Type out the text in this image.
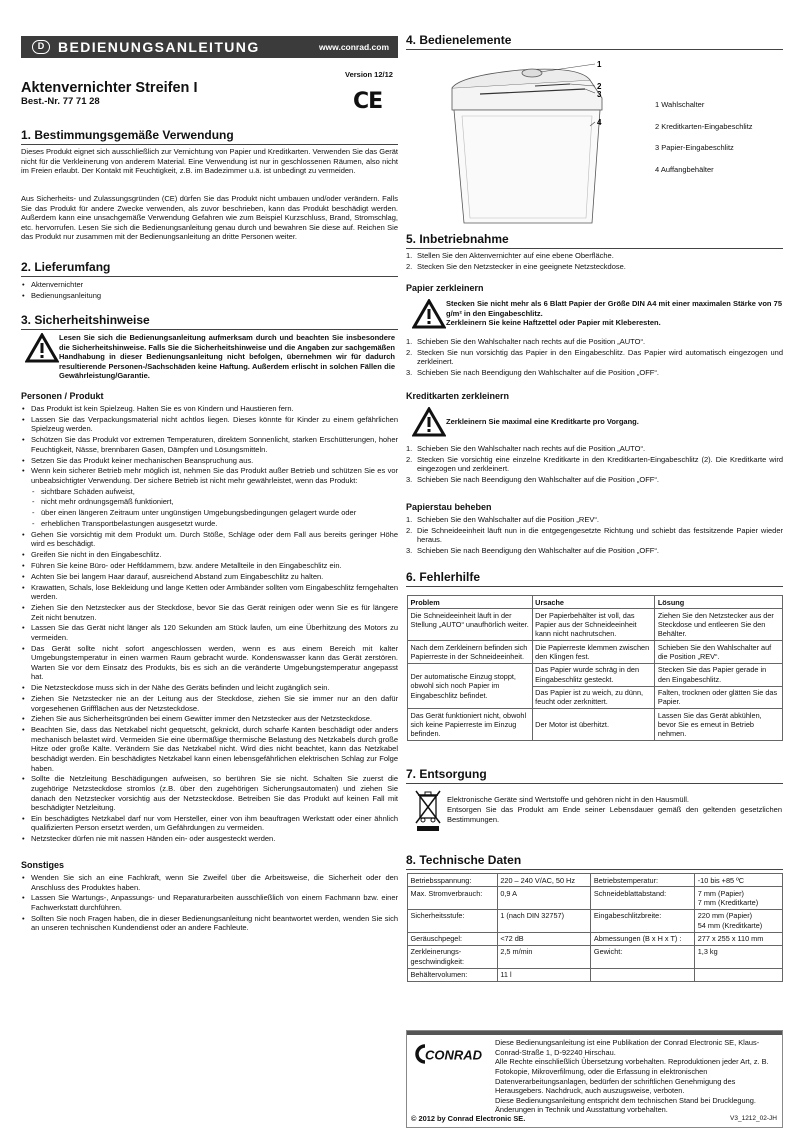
D BEDIENUNGSANLEITUNG	www.conrad.com
Version 12/12
Aktenvernichter Streifen I
Best.-Nr. 77 71 28	CE
1. Bestimmungsgemäße Verwendung
Dieses Produkt eignet sich ausschließlich zur Vernichtung von Papier und Kreditkarten. Verwenden Sie das Gerät nicht für die Verkleinerung von anderem Material. Eine Verwendung ist nur in geschlossenen Räumen, also nicht im Freien erlaubt. Der Kontakt mit Feuchtigkeit, z.B. im Badezimmer u.ä. ist unbedingt zu vermeiden.
Aus Sicherheits- und Zulassungsgründen (CE) dürfen Sie das Produkt nicht umbauen und/oder verändern. Falls Sie das Produkt für andere Zwecke verwenden, als zuvor beschrieben, kann das Produkt beschädigt werden. Außerdem kann eine unsachgemäße Verwendung Gefahren wie zum Beispiel Kurzschluss, Brand, Stromschlag, etc. hervorrufen. Lesen Sie sich die Bedienungsanleitung genau durch und bewahren Sie diese auf. Reichen Sie das Produkt nur zusammen mit der Bedienungsanleitung an dritte Personen weiter.
2. Lieferumfang
• Aktenvernichter
• Bedienungsanleitung
3. Sicherheitshinweise
Lesen Sie sich die Bedienungsanleitung aufmerksam durch und beachten Sie insbesondere die Sicherheitshinweise. Falls Sie die Sicherheitshinweise und die Angaben zur sachgemäßen Handhabung in dieser Bedienungsanleitung nicht befolgen, übernehmen wir für dadurch resultierende Personen-/Sachschäden keine Haftung. Außerdem erlischt in solchen Fällen die Gewährleistung/Garantie.
Personen / Produkt
• Das Produkt ist kein Spielzeug. Halten Sie es von Kindern und Haustieren fern.
• Lassen Sie das Verpackungsmaterial nicht achtlos liegen. Dieses könnte für Kinder zu einem gefährlichen Spielzeug werden.
• Schützen Sie das Produkt vor extremen Temperaturen, direktem Sonnenlicht, starken Erschütterungen, hoher Feuchtigkeit, Nässe, brennbaren Gasen, Dämpfen und Lösungsmitteln.
• Setzen Sie das Produkt keiner mechanischen Beanspruchung aus.
• Wenn kein sicherer Betrieb mehr möglich ist, nehmen Sie das Produkt außer Betrieb und schützen Sie es vor unbeabsichtigter Verwendung. Der sichere Betrieb ist nicht mehr gewährleistet, wenn das Produkt:
- sichtbare Schäden aufweist,
- nicht mehr ordnungsgemäß funktioniert,
- über einen längeren Zeitraum unter ungünstigen Umgebungsbedingungen gelagert wurde oder
- erheblichen Transportbelastungen ausgesetzt wurde.
• Gehen Sie vorsichtig mit dem Produkt um. Durch Stöße, Schläge oder dem Fall aus bereits geringer Höhe wird es beschädigt.
• Greifen Sie nicht in den Eingabeschlitz.
• Führen Sie keine Büro- oder Heftklammern, bzw. andere Metallteile in den Eingabeschlitz ein.
• Achten Sie bei langem Haar darauf, ausreichend Abstand zum Eingabeschlitz zu halten.
• Krawatten, Schals, lose Bekleidung und lange Ketten oder Armbänder sollten vom Eingabeschlitz ferngehalten werden.
• Ziehen Sie den Netzstecker aus der Steckdose, bevor Sie das Gerät reinigen oder wenn Sie es für längere Zeit nicht benutzen.
• Lassen Sie das Gerät nicht länger als 120 Sekunden am Stück laufen, um eine Überhitzung des Motors zu vermeiden.
• Das Gerät sollte nicht sofort angeschlossen werden, wenn es aus einem Bereich mit kalter Umgebungstemperatur in einen warmen Raum gebracht wurde. Kondenswasser kann das Gerät zerstören. Warten Sie vor dem Einsatz des Produkts, bis es sich an die veränderte Umgebungstemperatur angepasst hat.
• Die Netzsteckdose muss sich in der Nähe des Geräts befinden und leicht zugänglich sein.
• Ziehen Sie Netzstecker nie an der Leitung aus der Steckdose, ziehen Sie sie immer nur an den dafür vorgesehenen Griffflächen aus der Netzsteckdose.
• Ziehen Sie aus Sicherheitsgründen bei einem Gewitter immer den Netzstecker aus der Netzsteckdose.
• Beachten Sie, dass das Netzkabel nicht gequetscht, geknickt, durch scharfe Kanten beschädigt oder anders mechanisch belastet wird. Vermeiden Sie eine übermäßige thermische Belastung des Netzkabels durch große Hitze oder große Kälte. Verändern Sie das Netzkabel nicht. Wird dies nicht beachtet, kann das Netzkabel beschädigt werden. Ein beschädigtes Netzkabel kann einen lebensgefährlichen elektrischen Schlag zur Folge haben.
• Sollte die Netzleitung Beschädigungen aufweisen, so berühren Sie sie nicht. Schalten Sie zuerst die zugehörige Netzsteckdose stromlos (z.B. über den zugehörigen Sicherungsautomaten) und ziehen Sie danach den Netzstecker vorsichtig aus der Netzsteckdose. Betreiben Sie das Produkt auf keinen Fall mit beschädigter Netzleitung.
• Ein beschädigtes Netzkabel darf nur vom Hersteller, einer von ihm beauftragen Werkstatt oder einer ähnlich qualifizierten Person ersetzt werden, um Gefährdungen zu vermeiden.
• Netzstecker dürfen nie mit nassen Händen ein- oder ausgesteckt werden.
Sonstiges
• Wenden Sie sich an eine Fachkraft, wenn Sie Zweifel über die Arbeitsweise, die Sicherheit oder den Anschluss des Produktes haben.
• Lassen Sie Wartungs-, Anpassungs- und Reparaturarbeiten ausschließlich von einem Fachmann bzw. einer Fachwerkstatt durchführen.
• Sollten Sie noch Fragen haben, die in dieser Bedienungsanleitung nicht beantwortet werden, wenden Sie sich an unseren technischen Kundendienst oder an andere Fachleute.
4. Bedienelemente
1
2
3
4
1 Wahlschalter
2 Kreditkarten-Eingabeschlitz
3 Papier-Eingabeschlitz
4 Auffangbehälter
5. Inbetriebnahme
1. Stellen Sie den Aktenvernichter auf eine ebene Oberfläche.
2. Stecken Sie den Netzstecker in eine geeignete Netzsteckdose.
Papier zerkleinern
Stecken Sie nicht mehr als 6 Blatt Papier der Größe DIN A4 mit einer maximalen Stärke von 75 g/m² in den Eingabeschlitz.
Zerkleinern Sie keine Haftzettel oder Papier mit Kleberesten.
1. Schieben Sie den Wahlschalter nach rechts auf die Position „AUTO“.
2. Stecken Sie nun vorsichtig das Papier in den Eingabeschlitz. Das Papier wird automatisch eingezogen und zerkleinert.
3. Schieben Sie nach Beendigung den Wahlschalter auf die Position „OFF“.
Kreditkarten zerkleinern
Zerkleinern Sie maximal eine Kreditkarte pro Vorgang.
1. Schieben Sie den Wahlschalter nach rechts auf die Position „AUTO“.
2. Stecken Sie vorsichtig eine einzelne Kreditkarte in den Kreditkarten-Eingabeschlitz (2). Die Kreditkarte wird eingezogen und zerkleinert.
3. Schieben Sie nach Beendigung den Wahlschalter auf die Position „OFF“.
Papierstau beheben
1. Schieben Sie den Wahlschalter auf die Position „REV“.
2. Die Schneideeinheit läuft nun in die entgegengesetzte Richtung und schiebt das festsitzende Papier wieder heraus.
3. Schieben Sie nach Beendigung den Wahlschalter auf die Position „OFF“.
6. Fehlerhilfe
Problem	Ursache	Lösung
Die Schneideeinheit läuft in der Stellung „AUTO“ unaufhörlich weiter.	Der Papierbehälter ist voll, das Papier aus der Schneideeinheit kann nicht nachrutschen.	Ziehen Sie den Netzstecker aus der Steckdose und entleeren Sie den Behälter.
Nach dem Zerkleinern befinden sich Papierreste in der Schneideeinheit.	Die Papierreste klemmen zwischen den Klingen fest.	Schieben Sie den Wahlschalter auf die Position „REV“.
Der automatische Einzug stoppt, obwohl sich noch Papier im Eingabeschlitz befindet.	Das Papier wurde schräg in den Eingabeschlitz gesteckt.	Stecken Sie das Papier gerade in den Eingabeschlitz.
	Das Papier ist zu weich, zu dünn, feucht oder zerknittert.	Falten, trocknen oder glätten Sie das Papier.
Das Gerät funktioniert nicht, obwohl sich keine Papierreste im Einzug befinden.	Der Motor ist überhitzt.	Lassen Sie das Gerät abkühlen, bevor Sie es erneut in Betrieb nehmen.
7. Entsorgung
Elektronische Geräte sind Wertstoffe und gehören nicht in den Hausmüll.
Entsorgen Sie das Produkt am Ende seiner Lebensdauer gemäß den geltenden gesetzlichen Bestimmungen.
8. Technische Daten
Betriebsspannung:	220 – 240 V/AC, 50 Hz	Betriebstemperatur:	-10 bis +85 ºC
Max. Stromverbrauch:	0,9 A	Schneideblattabstand:	7 mm (Papier)
7 mm (Kreditkarte)
Sicherheitsstufe:	1 (nach DIN 32757)	Eingabeschlitzbreite:	220 mm (Papier)
54 mm (Kreditkarte)
Geräuschpegel:	<72 dB	Abmessungen (B x H x T) :	277 x 255 x 110 mm
Zerkleinerungs-
geschwindigkeit:	2,5 m/min	Gewicht:	1,3 kg
Behältervolumen:	11 l		
CONRAD
Diese Bedienungsanleitung ist eine Publikation der Conrad Electronic SE, Klaus-Conrad-Straße 1, D-92240 Hirschau.
Alle Rechte einschließlich Übersetzung vorbehalten. Reproduktionen jeder Art, z. B. Fotokopie, Mikroverfilmung, oder die Erfassung in elektronischen Datenverarbeitungsanlagen, bedürfen der schriftlichen Genehmigung des Herausgebers. Nachdruck, auch auszugsweise, verboten.
Diese Bedienungsanleitung entspricht dem technischen Stand bei Drucklegung.
Änderungen in Technik und Ausstattung vorbehalten.
© 2012 by Conrad Electronic SE.	V3_1212_02-JH
